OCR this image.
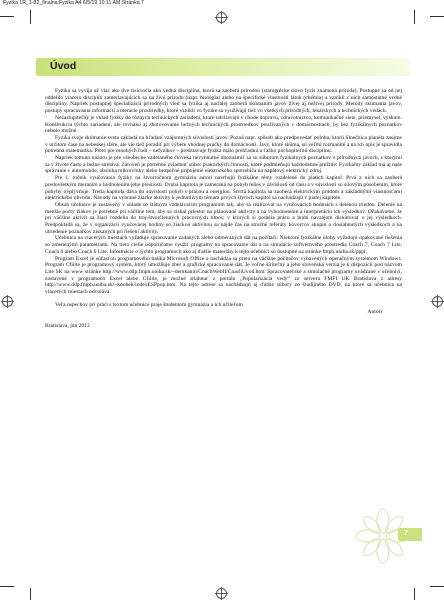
Fyzika 1R_1-82_finalna:Fyzika A4 6/5/19 10:11 AM Stránka 7
Úvod

Fyzika sa vyvíja už viac ako dve tisícročia ako vedná disciplína, ktorá sa zaoberá prírodou (starogrécke slovo fyzis znamená príroda). Postupne sa od nej oddelilo viacero disciplín zameriavajúcich sa na živú prírodu (napr. biológia) alebo na špecifické vlastnosti látok (chémia) a vznikli z nich samostatné vedné disciplíny. Napriek postupnej špecializácii prírodných vied sa fyzika aj naďalej zaoberá skúmaním javov živej aj neživej prírody. Metódy skúmania javov, postupy spracovania informácií a meracie prostriedky, ktoré vznikli vo fyzike sa využívajú tiež vo všetkých prírodných, lekárskych a technických vedách.

Nezastupiteľný je vklad fyziky do rôznych technických zariadení, ktoré udržiavajú v chode dopravu, zdravotníctvo, komunikačné siete, priemysel, výskum. Konštrukcia týchto zariadení, ale rovnako aj zhotovovanie bežných technických prostriedkov používaných v domácnostiach, by bez fyzikálnych poznatkov nebolo možné.

Fyzika svoje skúmanie sveta zakladá na hľadaní vzájomných súvislostí javov. Pozná napr. spôsob ako predpovedať polohu, ktorú Slnečnica planéta zaujme v určitom čase na nebeskej sfére, ale vie tiež poradiť pri výbere vhodnej práčky do domácnosti. Javy, ktoré skúma, sú veľmi rozmanité a na ich opis je spravidla potrebná matematika. Preto pre mnohých ľudí – nefyzikov – predstavuje fyzika málo prehľadnú a ťažko pochopiteľnú disciplínu.

Napriek tomuto názoru je pre všeobecne vzdelaného človeka nevyhnutné oboznámiť sa so súborom fyzikálnych poznatkov o prírodných javoch, s ktorými sa v živote často a bežne stretáva. Zároveň je potrebné zvládnuť súbor praktických činností, ktoré podmieňujú každodenné prežitie: Fyzikálny základ má aj naše správanie v automobile, obsluha mikrovlnky alebo bezpečné pripojenie elektrického spotrebiča na napätový elektrický zdroj.

Pre 1. ročník vyučovania fyziky na štvorročnom gymnáziu autori navrhujú fyzikálne témy rozdelené do piatich kapitol. Prvá z nich sa zaoberá predovšetkým meraním a hodnotením jeho presnosti. Druhá kapitola je zameraná na pohyb telies v závislosti od času a v súvislosti so silovým pôsobením, ktoré pohyby ovplyvňuje. Tretia kapitola dáva do súvislosti pohyb s prácou a energiou. Štvrtá kapitola sa zaoberá elektrickým prúdom a základnými vlastnosťami elektrického obvodu. Návody na vybrané žiacke aktivity k jednotlivým témam prvých štyroch kapitol sa nachádzajú v piatej kapitole.

Obsah učebnice je zostavený v súlade so štátnym vzdelávacím programom tak, aby sa realizoval na vyučovacích hodinách s delenou triedou. Delenie na menšie počty žiakov je potrebné pri väčšine tém, aby sa získal priestor na plánované aktivity a na vyhodnotenie a interpretáciu ich výsledkov. Očakávame, že pri väčšine aktivít sa žiaci rozdelia do troj-štvorčlenných pracovných tímov, v ktorých si podelia prácu a budú navzájom diskutovať o jej výsledkoch. Predpokladá sa, že v organizácii vyučovacej hodiny so žiackou aktivitou sa nájde čas na stručné referáty hovorcov skupín o dosiahnutých výsledkoch a na utriedenie poznatkov získaných pri riešení aktivity.

Učebnica na viacerých miestach vyžaduje spracovanie zadaných alebo odmeraných dát na počítači. Niektoré fyzikálne úlohy vyžadujú opakované riešenia so zmenenými parametrami. Na tieto cielie odporúčame využiť programy na spracovanie dát a na simulácie softvérového prostredia Coach 7, Coach 7 Lite, Coach 6 alebo Coach 6 Lite. Informácie o týchto programoch ako aj ďalšie materiály k tejto učebnici sú dostupné na stránke fmph.uniba.sk/pppl.

Program Excel je súčasťou programového balíka Microsoft Office a nachádza sa preto na väčšine počítačov vybavených operačným systémom Windows. Program Cfiiite je programový systém, ktorý umožňuje zber a grafické spracovanie dát. Je voľne šíriteľný a jeho slovenská verzia je k dispozícii pod názvom Lite SK na www stránke http://www.ddp.fmph.uniba.sk/~demkanin/CoachWebII/CoachUvod.htm. Spracovateľské a simulačné programy uvádzané v učebnici, zostavené v programoch Excel alebo Cfiiite, je možné stiahnuť z portálu „Popularizácia vedy“ zo servera FMFI UK Bratislava z adresy http://www.ddp.fmph.uniba.sk/~koubek/indexESPpop.htm. Na tejto adrese sa nachádzajú aj ďalšie súbory zo študijného DVD, na ktoré sa učebnica na viacerých miestach odvoláva.

Veľa úspechov pri práci s textom učebnice praje študentom gymnázia a ich učiteľom

Autori

Bratislava, jún 2012

7
